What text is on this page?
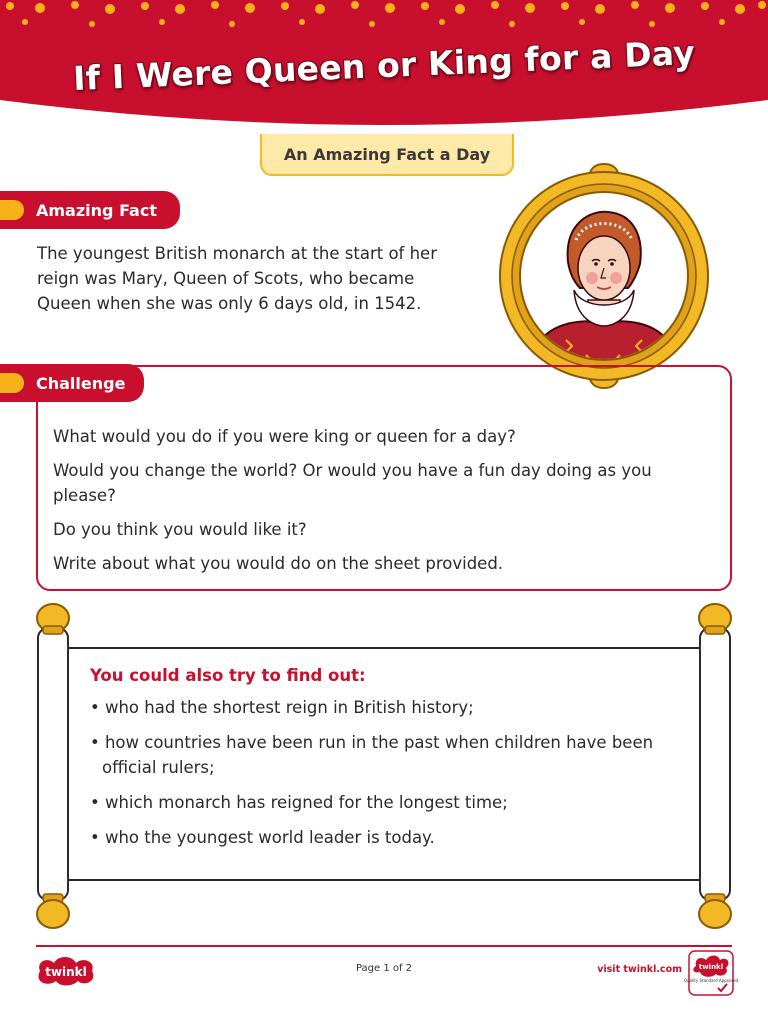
If I Were Queen or King for a Day
An Amazing Fact a Day
Amazing Fact
The youngest British monarch at the start of her
reign was Mary, Queen of Scots, who became
Queen when she was only 6 days old, in 1542.
Challenge

What would you do if you were king or queen for a day?

Would you change the world? Or would you have a fun day doing as you please?

Do you think you would like it?

Write about what you would do on the sheet provided.

You could also try to find out:
• who had the shortest reign in British history;
• how countries have been run in the past when children have been official rulers;
• which monarch has reigned for the longest time;
• who the youngest world leader is today.
twinkl	Page 1 of 2	visit twinkl.com twinkl
Quality Standard Approved
